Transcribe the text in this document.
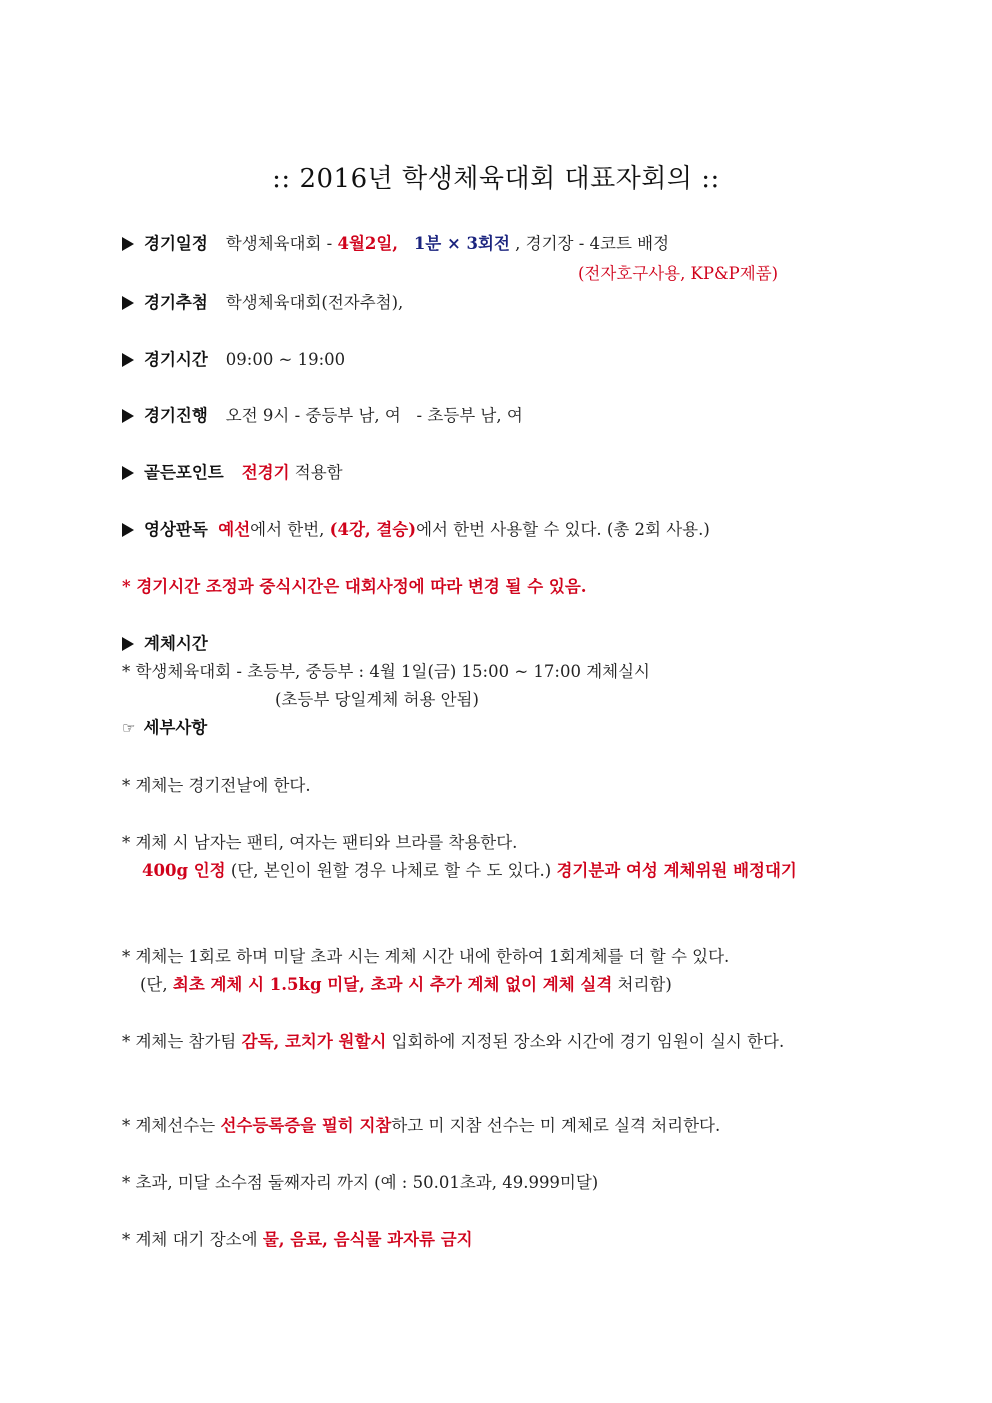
:: 2016년 학생체육대회 대표자회의 ::
경기일정 학생체육대회 - 4월2일, 1분 × 3회전 , 경기장 - 4코트 배정
(전자호구사용, KP&P제품)
경기추첨 학생체육대회(전자추첨),
경기시간 09:00 ~ 19:00
경기진행 오전 9시 - 중등부 남, 여   - 초등부 남, 여
골든포인트 전경기 적용함
영상판독 예선에서 한번, (4강, 결승)에서 한번 사용할 수 있다. (총 2회 사용.)
* 경기시간 조정과 중식시간은 대회사정에 따라 변경 될 수 있음.
계체시간
* 학생체육대회 - 초등부, 중등부 : 4월 1일(금) 15:00 ~ 17:00 계체실시
(초등부 당일계체 허용 안됨)
☞ 세부사항
* 계체는 경기전날에 한다.
* 계체 시 남자는 팬티, 여자는 팬티와 브라를 착용한다.
400g 인정 (단, 본인이 원할 경우 나체로 할 수 도 있다.) 경기분과 여성 계체위원 배정대기
* 계체는 1회로 하며 미달 초과 시는 계체 시간 내에 한하여 1회계체를 더 할 수 있다.
(단, 최초 계체 시 1.5kg 미달, 초과 시 추가 계체 없이 계체 실격 처리함)
* 계체는 참가팀 감독, 코치가 원할시 입회하에 지정된 장소와 시간에 경기 임원이 실시 한다.
* 계체선수는 선수등록증을 필히 지참하고 미 지참 선수는 미 계체로 실격 처리한다.
* 초과, 미달 소수점 둘째자리 까지 (예 : 50.01초과, 49.999미달)
* 계체 대기 장소에 물, 음료, 음식물 과자류 금지
